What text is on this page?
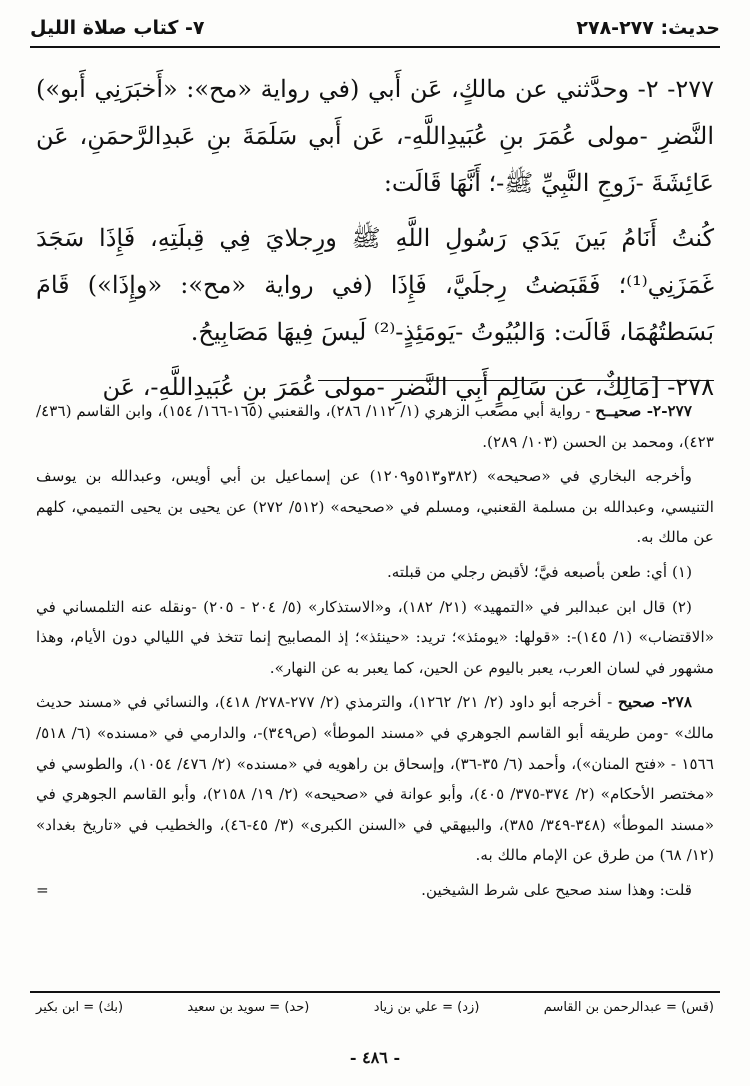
حديث: ٢٧٧-٢٧٨
٧- كتاب صلاة الليل

٢٧٧- ٢- وحدَّثني عن مالكٍ، عَن أَبي (في رواية «مح»: «أَخبَرَنِي أَبو») النَّضرِ -مولى عُمَرَ بنِ عُبَيدِاللَّهِ-، عَن أَبي سَلَمَةَ بنِ عَبدِالرَّحمَنِ، عَن عَائِشَةَ -زَوجِ النَّبِيِّ ﷺ-؛ أَنَّهَا قَالَت:

كُنتُ أَنَامُ بَينَ يَدَي رَسُولِ اللَّهِ ﷺ ورِجلايَ فِي قِبلَتِهِ، فَإِذَا سَجَدَ غَمَزَنِي⁽¹⁾؛ فَقَبَضتُ رِجلَيَّ، فَإِذَا (في رواية «مح»: «وإِذَا») قَامَ بَسَطتُهُمَا، قَالَت: وَالبُيُوتُ -يَومَئِذٍ-⁽²⁾ لَيسَ فِيهَا مَصَابِيحُ.

٢٧٨- [مَالِكٌ، عَن سَالِمٍ أَبِي النَّضرِ -مولى عُمَرَ بنِ عُبَيدِاللَّهِ-، عَن

٢٧٧-٢- صحيــح - رواية أبي مصعب الزهري (١/ ١١٢/ ٢٨٦)، والقعنبي (١٦٥-١٦٦/ ١٥٤)، وابن القاسم (٤٣٦/ ٤٢٣)، ومحمد بن الحسن (١٠٣/ ٢٨٩).

وأخرجه البخاري في «صحيحه» (٣٨٢و٥١٣و١٢٠٩) عن إسماعيل بن أبي أويس، وعبدالله بن يوسف التنيسي، وعبدالله بن مسلمة القعنبي، ومسلم في «صحيحه» (٥١٢/ ٢٧٢) عن يحيى بن يحيى التميمي، كلهم عن مالك به.

(١) أي: طعن بأصبعه فيَّ؛ لأقبض رجلي من قبلته.

(٢) قال ابن عبدالبر في «التمهيد» (٢١/ ١٨٢)، و«الاستذكار» (٥/ ٢٠٤ - ٢٠٥) -ونقله عنه التلمساني في «الاقتضاب» (١/ ١٤٥)-: «قولها: «يومئذ»؛ تريد: «حينئذ»؛ إذ المصابيح إنما تتخذ في الليالي دون الأيام، وهذا مشهور في لسان العرب، يعبر باليوم عن الحين، كما يعبر به عن النهار».

٢٧٨- صحيح - أخرجه أبو داود (٢/ ٢١/ ١٢٦٢)، والترمذي (٢/ ٢٧٧-٢٧٨/ ٤١٨)، والنسائي في «مسند حديث مالك» -ومن طريقه أبو القاسم الجوهري في «مسند الموطأ» (ص٣٤٩)-، والدارمي في «مسنده» (٦/ ٥١٨/ ١٥٦٦ - «فتح المنان»)، وأحمد (٦/ ٣٥-٣٦)، وإسحاق بن راهويه في «مسنده» (٢/ ٤٧٦/ ١٠٥٤)، والطوسي في «مختصر الأحكام» (٢/ ٣٧٤-٣٧٥/ ٤٠٥)، وأبو عوانة في «صحيحه» (٢/ ١٩/ ٢١٥٨)، وأبو القاسم الجوهري في «مسند الموطأ» (٣٤٨-٣٤٩/ ٣٨٥)، والبيهقي في «السنن الكبرى» (٣/ ٤٥-٤٦)، والخطيب في «تاريخ بغداد» (١٢/ ٦٨) من طرق عن الإمام مالك به.

قلت: وهذا سند صحيح على شرط الشيخين.
=

(قس) = عبدالرحمن بن القاسم
(زد) = علي بن زياد
(حد) = سويد بن سعيد
(بك) = ابن بكير
- ٤٨٦ -
